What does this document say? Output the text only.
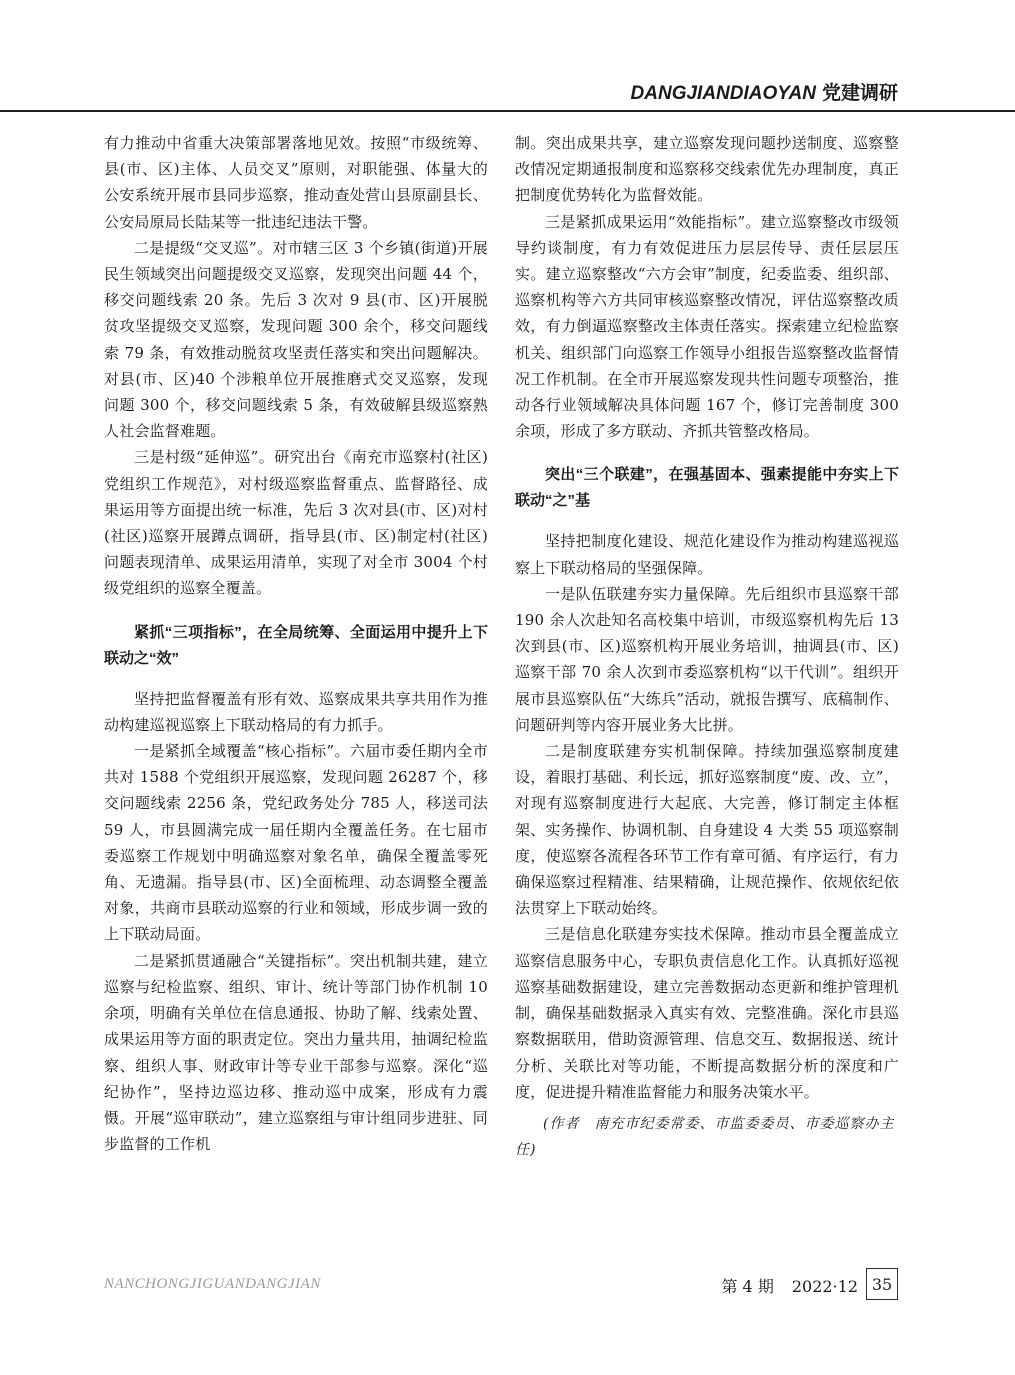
DANGJIANDIAOYAN 党建调研

有力推动中省重大决策部署落地见效。按照“市级统筹、县(市、区)主体、人员交叉”原则，对职能强、体量大的公安系统开展市县同步巡察，推动查处营山县原副县长、公安局原局长陆某等一批违纪违法干警。

二是提级“交叉巡”。对市辖三区 3 个乡镇(街道)开展民生领域突出问题提级交叉巡察，发现突出问题 44 个，移交问题线索 20 条。先后 3 次对 9 县(市、区)开展脱贫攻坚提级交叉巡察，发现问题 300 余个，移交问题线索 79 条，有效推动脱贫攻坚责任落实和突出问题解决。对县(市、区)40 个涉粮单位开展推磨式交叉巡察，发现问题 300 个，移交问题线索 5 条，有效破解县级巡察熟人社会监督难题。

三是村级“延伸巡”。研究出台《南充市巡察村(社区)党组织工作规范》，对村级巡察监督重点、监督路径、成果运用等方面提出统一标准，先后 3 次对县(市、区)对村(社区)巡察开展蹲点调研，指导县(市、区)制定村(社区)问题表现清单、成果运用清单，实现了对全市 3004 个村级党组织的巡察全覆盖。

紧抓“三项指标”，在全局统筹、全面运用中提升上下联动之“效”

坚持把监督覆盖有形有效、巡察成果共享共用作为推动构建巡视巡察上下联动格局的有力抓手。

一是紧抓全域覆盖“核心指标”。六届市委任期内全市共对 1588 个党组织开展巡察，发现问题 26287 个，移交问题线索 2256 条，党纪政务处分 785 人，移送司法 59 人，市县圆满完成一届任期内全覆盖任务。在七届市委巡察工作规划中明确巡察对象名单，确保全覆盖零死角、无遗漏。指导县(市、区)全面梳理、动态调整全覆盖对象，共商市县联动巡察的行业和领域，形成步调一致的上下联动局面。

二是紧抓贯通融合“关键指标”。突出机制共建，建立巡察与纪检监察、组织、审计、统计等部门协作机制 10 余项，明确有关单位在信息通报、协助了解、线索处置、成果运用等方面的职责定位。突出力量共用，抽调纪检监察、组织人事、财政审计等专业干部参与巡察。深化“巡纪协作”，坚持边巡边移、推动巡中成案，形成有力震慑。开展“巡审联动”，建立巡察组与审计组同步进驻、同步监督的工作机

制。突出成果共享，建立巡察发现问题抄送制度、巡察整改情况定期通报制度和巡察移交线索优先办理制度，真正把制度优势转化为监督效能。

三是紧抓成果运用“效能指标”。建立巡察整改市级领导约谈制度，有力有效促进压力层层传导、责任层层压实。建立巡察整改“六方会审”制度，纪委监委、组织部、巡察机构等六方共同审核巡察整改情况，评估巡察整改质效，有力倒逼巡察整改主体责任落实。探索建立纪检监察机关、组织部门向巡察工作领导小组报告巡察整改监督情况工作机制。在全市开展巡察发现共性问题专项整治，推动各行业领域解决具体问题 167 个，修订完善制度 300 余项，形成了多方联动、齐抓共管整改格局。

突出“三个联建”，在强基固本、强素提能中夯实上下联动“之”基

坚持把制度化建设、规范化建设作为推动构建巡视巡察上下联动格局的坚强保障。

一是队伍联建夯实力量保障。先后组织市县巡察干部 190 余人次赴知名高校集中培训，市级巡察机构先后 13 次到县(市、区)巡察机构开展业务培训，抽调县(市、区)巡察干部 70 余人次到市委巡察机构“以干代训”。组织开展市县巡察队伍“大练兵”活动，就报告撰写、底稿制作、问题研判等内容开展业务大比拼。

二是制度联建夯实机制保障。持续加强巡察制度建设，着眼打基础、利长远，抓好巡察制度“废、改、立”，对现有巡察制度进行大起底、大完善，修订制定主体框架、实务操作、协调机制、自身建设 4 大类 55 项巡察制度，使巡察各流程各环节工作有章可循、有序运行，有力确保巡察过程精准、结果精确，让规范操作、依规依纪依法贯穿上下联动始终。

三是信息化联建夯实技术保障。推动市县全覆盖成立巡察信息服务中心，专职负责信息化工作。认真抓好巡视巡察基础数据建设，建立完善数据动态更新和维护管理机制，确保基础数据录入真实有效、完整准确。深化市县巡察数据联用，借助资源管理、信息交互、数据报送、统计分析、关联比对等功能，不断提高数据分析的深度和广度，促进提升精准监督能力和服务决策水平。

(作者　南充市纪委常委、市监委委员、市委巡察办主任)

NANCHONGJIGUANDANGJIAN	第 4 期 2022·12 35
